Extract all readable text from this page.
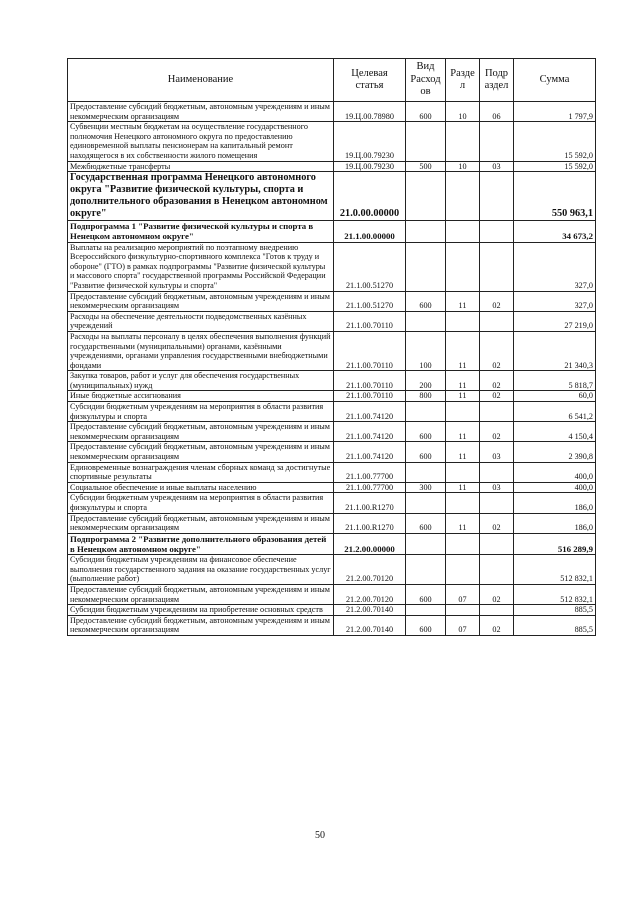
Наименование	Целевая статья	Вид Расход ов	Разде л	Подр аздел	Сумма
Предоставление субсидий бюджетным, автономным учреждениям и иным некоммерческим организациям	19.Ц.00.78980	600	10	06	1 797,9
Субвенции местным бюджетам на осуществление государственного полномочия Ненецкого автономного округа по предоставлению единовременной выплаты пенсионерам на капитальный ремонт находящегося в их собственности жилого помещения	19.Ц.00.79230				15 592,0
Межбюджетные трансферты	19.Ц.00.79230	500	10	03	15 592,0
Государственная программа Ненецкого автономного округа "Развитие физической культуры, спорта и дополнительного образования в Ненецком автономном округе"	21.0.00.00000				550 963,1
Подпрограмма 1 "Развитие физической культуры и спорта в Ненецком автономном округе"	21.1.00.00000				34 673,2
Выплаты на реализацию мероприятий по поэтапному внедрению Всероссийского физкультурно-спортивного комплекса "Готов к труду и обороне" (ГТО) в рамках подпрограммы "Развитие физической культуры и массового спорта" государственной программы Российской Федерации "Развитие физической культуры и спорта"	21.1.00.51270				327,0
Предоставление субсидий бюджетным, автономным учреждениям и иным некоммерческим организациям	21.1.00.51270	600	11	02	327,0
Расходы на обеспечение деятельности подведомственных казённых учреждений	21.1.00.70110				27 219,0
Расходы на выплаты персоналу в целях обеспечения выполнения функций государственными (муниципальными) органами, казёнными учреждениями, органами управления государственными внебюджетными фондами	21.1.00.70110	100	11	02	21 340,3
Закупка товаров, работ и услуг для обеспечения государственных (муниципальных) нужд	21.1.00.70110	200	11	02	5 818,7
Иные бюджетные ассигнования	21.1.00.70110	800	11	02	60,0
Субсидии бюджетным учреждениям на мероприятия в области развития физкультуры и спорта	21.1.00.74120				6 541,2
Предоставление субсидий бюджетным, автономным учреждениям и иным некоммерческим организациям	21.1.00.74120	600	11	02	4 150,4
Предоставление субсидий бюджетным, автономным учреждениям и иным некоммерческим организациям	21.1.00.74120	600	11	03	2 390,8
Единовременные вознаграждения членам сборных команд за достигнутые спортивные результаты	21.1.00.77700				400,0
Социальное обеспечение и иные выплаты населению	21.1.00.77700	300	11	03	400,0
Субсидии бюджетным учреждениям на мероприятия в области развития физкультуры и спорта	21.1.00.R1270				186,0
Предоставление субсидий бюджетным, автономным учреждениям и иным некоммерческим организациям	21.1.00.R1270	600	11	02	186,0
Подпрограмма 2 "Развитие дополнительного образования детей в Ненецком автономном округе"	21.2.00.00000				516 289,9
Субсидии бюджетным учреждениям на финансовое обеспечение выполнения государственного задания на оказание государственных услуг (выполнение работ)	21.2.00.70120				512 832,1
Предоставление субсидий бюджетным, автономным учреждениям и иным некоммерческим организациям	21.2.00.70120	600	07	02	512 832,1
Субсидии бюджетным учреждениям на приобретение основных средств	21.2.00.70140				885,5
Предоставление субсидий бюджетным, автономным учреждениям и иным некоммерческим организациям	21.2.00.70140	600	07	02	885,5
50
